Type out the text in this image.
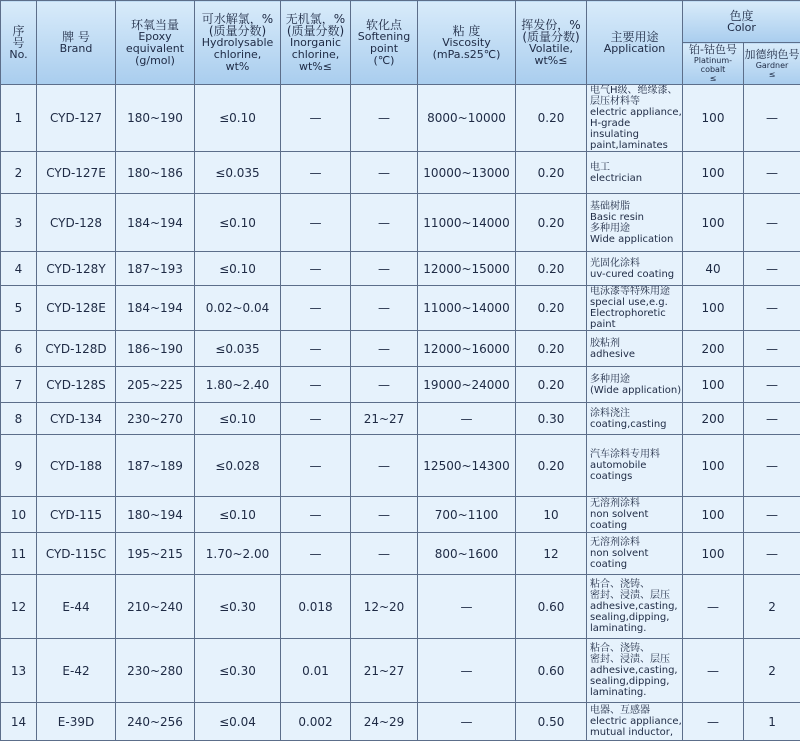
序
号
No.	牌 号
Brand	环氧当量
Epoxy
equivalent
(g/mol)	可水解氯，%
(质量分数)
Hydrolysable
chlorine,
wt%	无机氯，%
(质量分数)
Inorganic
chlorine,
wt%≤	软化点
Softening
point
(℃)	粘 度
Viscosity
(mPa.s25℃)	挥发份，%
(质量分数)
Volatile,
wt%≤	主要用途
Application	色度
Color	

									铂-钴色号
Platinum-cobalt
≤	加德纳色号
Gardner
≤

1	CYD-127	180~190	≤0.10	—	—	8000~10000	0.20	电气H级、绝缘漆、
层压材料等
electric appliance,
H-grade insulating
paint,laminates	100	—
2	CYD-127E	180~186	≤0.035	—	—	10000~13000	0.20	电工
electrician	100	—
3	CYD-128	184~194	≤0.10	—	—	11000~14000	0.20	基础树脂
Basic resin
多种用途
Wide application	100	—
4	CYD-128Y	187~193	≤0.10	—	—	12000~15000	0.20	光固化涂料
uv-cured coating	40	—
5	CYD-128E	184~194	0.02~0.04	—	—	11000~14000	0.20	电泳漆等特殊用途
special use,e.g.
Electrophoretic paint	100	—
6	CYD-128D	186~190	≤0.035	—	—	12000~16000	0.20	胶粘剂
adhesive	200	—
7	CYD-128S	205~225	1.80~2.40	—	—	19000~24000	0.20	多种用途
(Wide application)	100	—
8	CYD-134	230~270	≤0.10	—	21~27	—	0.30	涂料浇注
coating,casting	200	—
9	CYD-188	187~189	≤0.028	—	—	12500~14300	0.20	汽车涂料专用料
automobile
coatings	100	—
10	CYD-115	180~194	≤0.10	—	—	700~1100	10	无溶剂涂料
non solvent
coating	100	—
11	CYD-115C	195~215	1.70~2.00	—	—	800~1600	12	无溶剂涂料
non solvent
coating	100	—
12	E-44	210~240	≤0.30	0.018	12~20	—	0.60	粘合、浇铸、
密封、浸渍、层压
adhesive,casting,
sealing,dipping,
laminating.	—	2
13	E-42	230~280	≤0.30	0.01	21~27	—	0.60	粘合、浇铸、
密封、浸渍、层压
adhesive,casting,
sealing,dipping,
laminating.	—	2
14	E-39D	240~256	≤0.04	0.002	24~29	—	0.50	电器、互感器
electric appliance,
mutual inductor,	—	1
